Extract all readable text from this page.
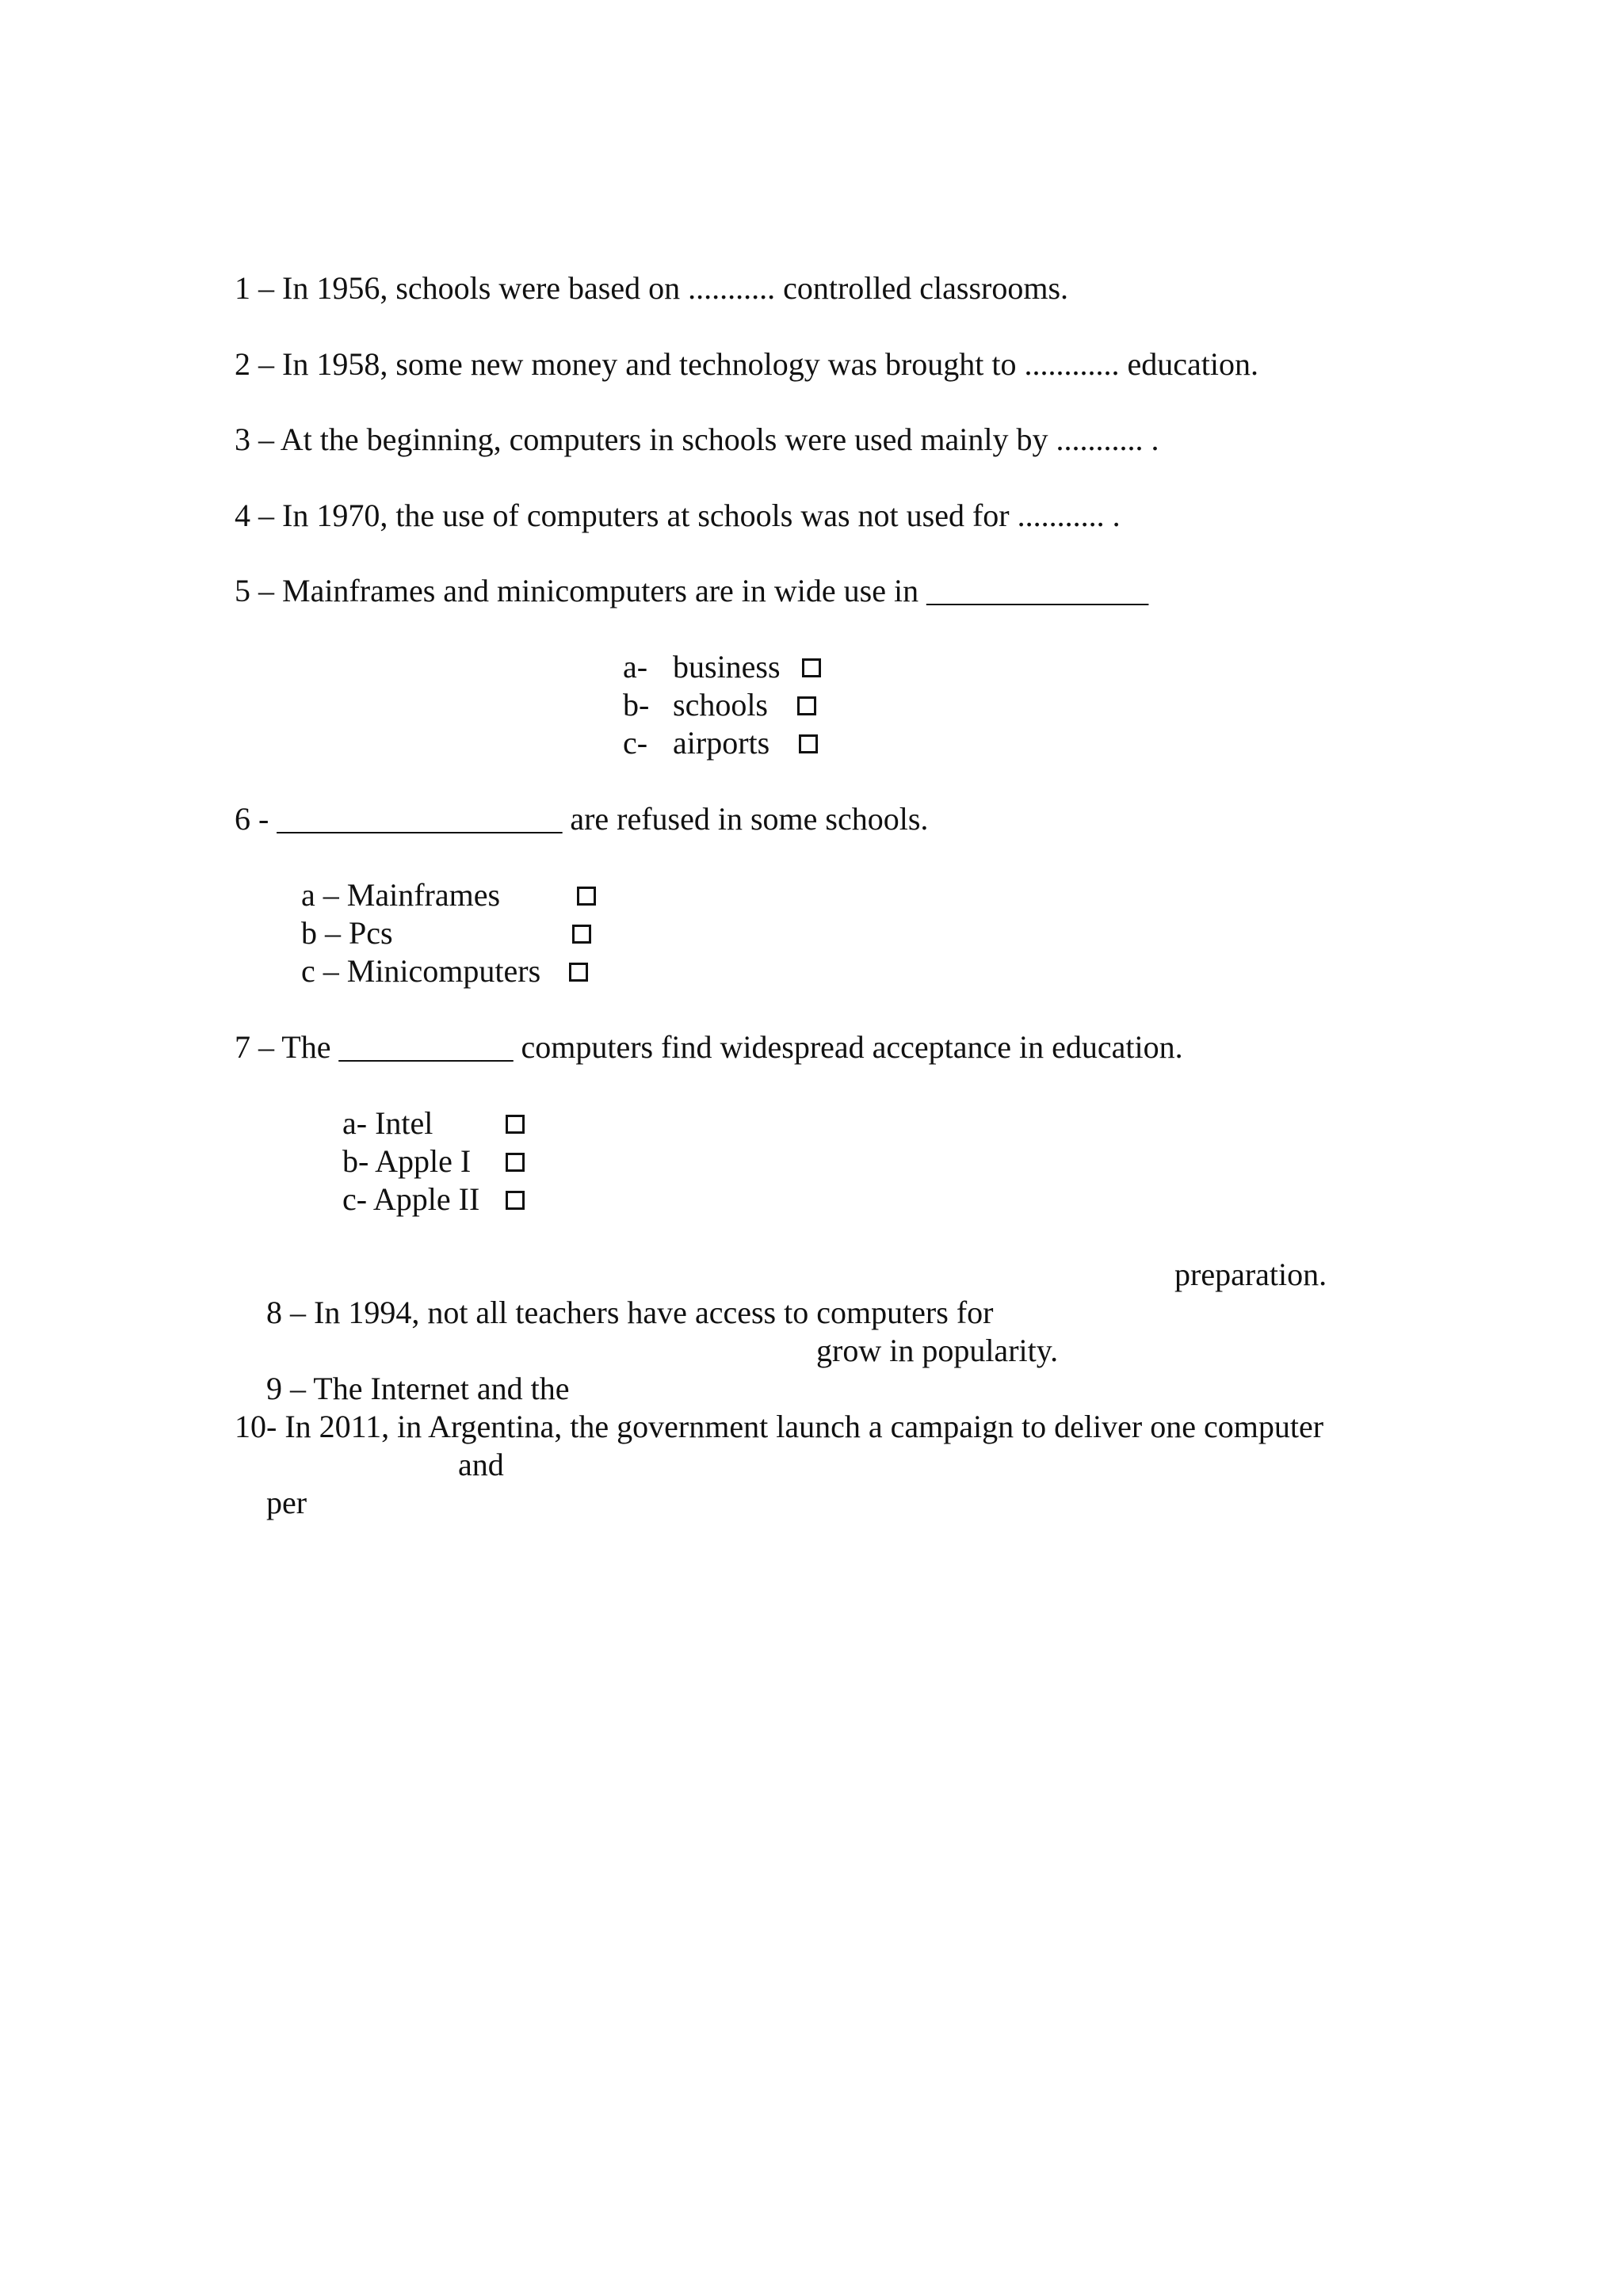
1 – In 1956, schools were based on ........... controlled classrooms.
2 – In 1958, some new money and technology was brought to ............ education.
3 – At the beginning, computers in schools were used mainly by ........... .
4 – In 1970, the use of computers at schools was not used for ........... .
5 – Mainframes and minicomputers are in wide use in ______________
a- business
b- schools
c- airports
6 - __________________ are refused in some schools.
a – Mainframes
b – Pcs
c – Minicomputers
7 – The ___________ computers find widespread acceptance in education.
a- Intel
b- Apple I
c- Apple II

8 – In 1994, not all teachers have access to computers for

preparation.

9 – The Internet and the

grow in popularity.
10- In 2011, in Argentina, the government launch a campaign to deliver one computer

per

and
